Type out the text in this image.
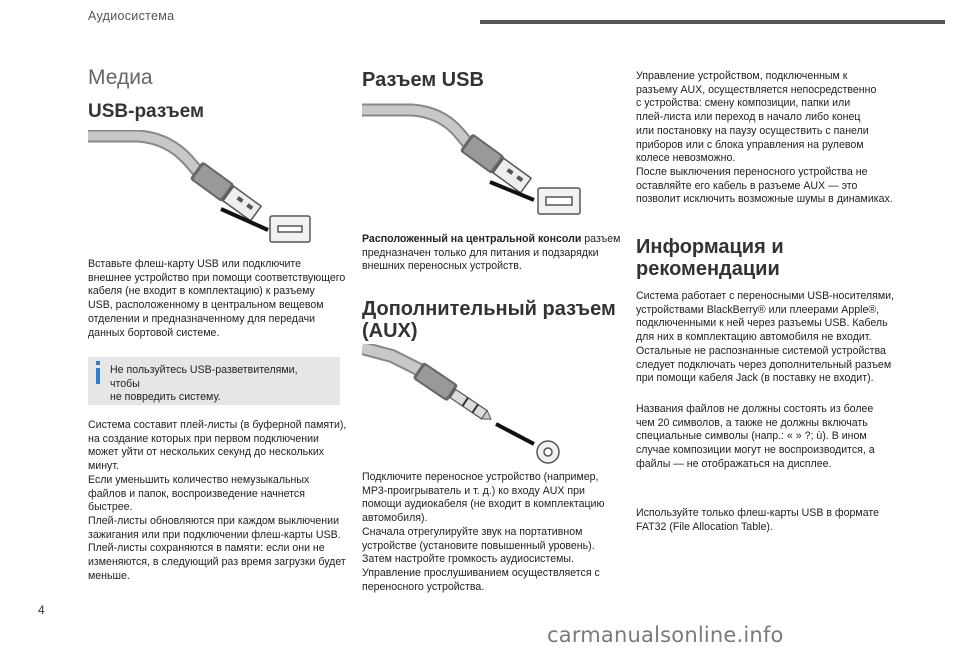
Аудиосистема
Медиа
USB-разъем
Вставьте флеш-карту USB или подключите
внешнее устройство при помощи соответствующего
кабеля (не входит в комплектацию) к разъему
USB, расположенному в центральном вещевом
отделении и предназначенному для передачи
данных бортовой системе.
Не пользуйтесь USB-разветвителями, чтобы
не повредить систему.
Система составит плей-листы (в буферной памяти),
на создание которых при первом подключении
может уйти от нескольких секунд до нескольких
минут.
Если уменьшить количество немузыкальных
файлов и папок, воспроизведение начнется
быстрее.
Плей-листы обновляются при каждом выключении
зажигания или при подключении флеш-карты USB.
Плей-листы сохраняются в памяти: если они не
изменяются, в следующий раз время загрузки будет
меньше.
Разъем USB
Расположенный на центральной консоли разъем
предназначен только для питания и подзарядки
внешних переносных устройств.
Дополнительный разъем
(AUX)
Подключите переносное устройство (например,
MP3-проигрыватель и т. д.) ко входу AUX при
помощи аудиокабеля (не входит в комплектацию
автомобиля).
Сначала отрегулируйте звук на портативном
устройстве (установите повышенный уровень).
Затем настройте громкость аудиосистемы.
Управление прослушиванием осуществляется с
переносного устройства.
Управление устройством, подключенным к
разъему AUX, осуществляется непосредственно
с устройства: смену композиции, папки или
плей-листа или переход в начало либо конец
или постановку на паузу осуществить с панели
приборов или с блока управления на рулевом
колесе невозможно.
После выключения переносного устройства не
оставляйте его кабель в разъеме AUX — это
позволит исключить возможные шумы в динамиках.
Информация и
рекомендации
Система работает с переносными USB-носителями,
устройствами BlackBerry® или плеерами Apple®,
подключенными к ней через разъемы USB. Кабель
для них в комплектацию автомобиля не входит.
Остальные не распознанные системой устройства
следует подключать через дополнительный разъем
при помощи кабеля Jack (в поставку не входит).
Названия файлов не должны состоять из более
чем 20 символов, а также не должны включать
специальные символы (напр.: « » ?; ù). В ином
случае композиции могут не воспроизводится, а
файлы — не отображаться на дисплее.
Используйте только флеш-карты USB в формате
FAT32 (File Allocation Table).
4
carmanualsonline.info
